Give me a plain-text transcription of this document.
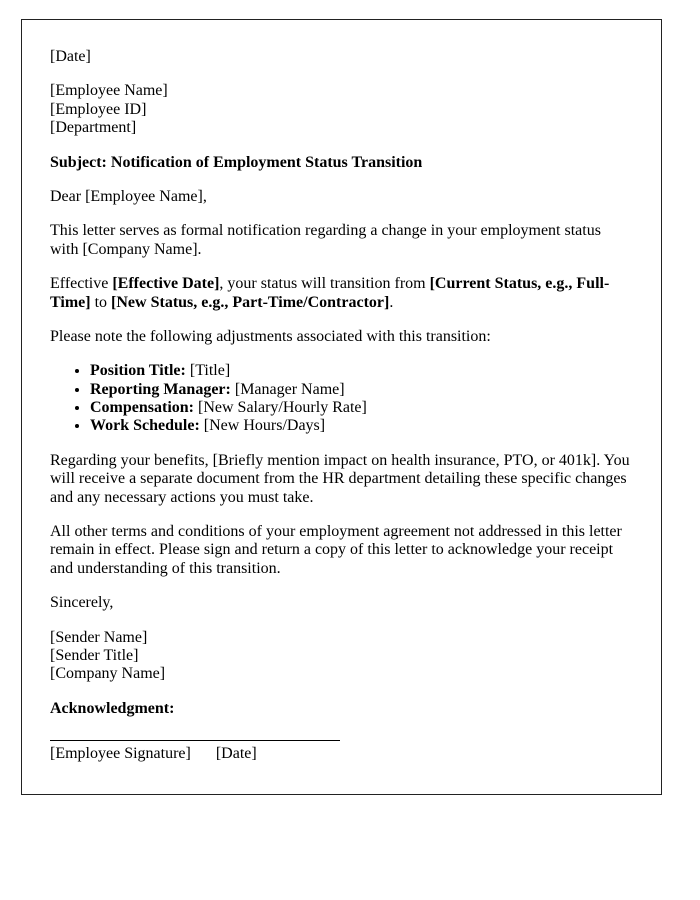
[Date]

[Employee Name]
[Employee ID]
[Department]

Subject: Notification of Employment Status Transition

Dear [Employee Name],

This letter serves as formal notification regarding a change in your employment status with [Company Name].

Effective [Effective Date], your status will transition from [Current Status, e.g., Full-Time] to [New Status, e.g., Part-Time/Contractor].

Please note the following adjustments associated with this transition:

• Position Title: [Title]
• Reporting Manager: [Manager Name]
• Compensation: [New Salary/Hourly Rate]
• Work Schedule: [New Hours/Days]

Regarding your benefits, [Briefly mention impact on health insurance, PTO, or 401k]. You will receive a separate document from the HR department detailing these specific changes and any necessary actions you must take.

All other terms and conditions of your employment agreement not addressed in this letter remain in effect. Please sign and return a copy of this letter to acknowledge your receipt and understanding of this transition.

Sincerely,

[Sender Name]
[Sender Title]
[Company Name]

Acknowledgment:

[Employee Signature] [Date]
